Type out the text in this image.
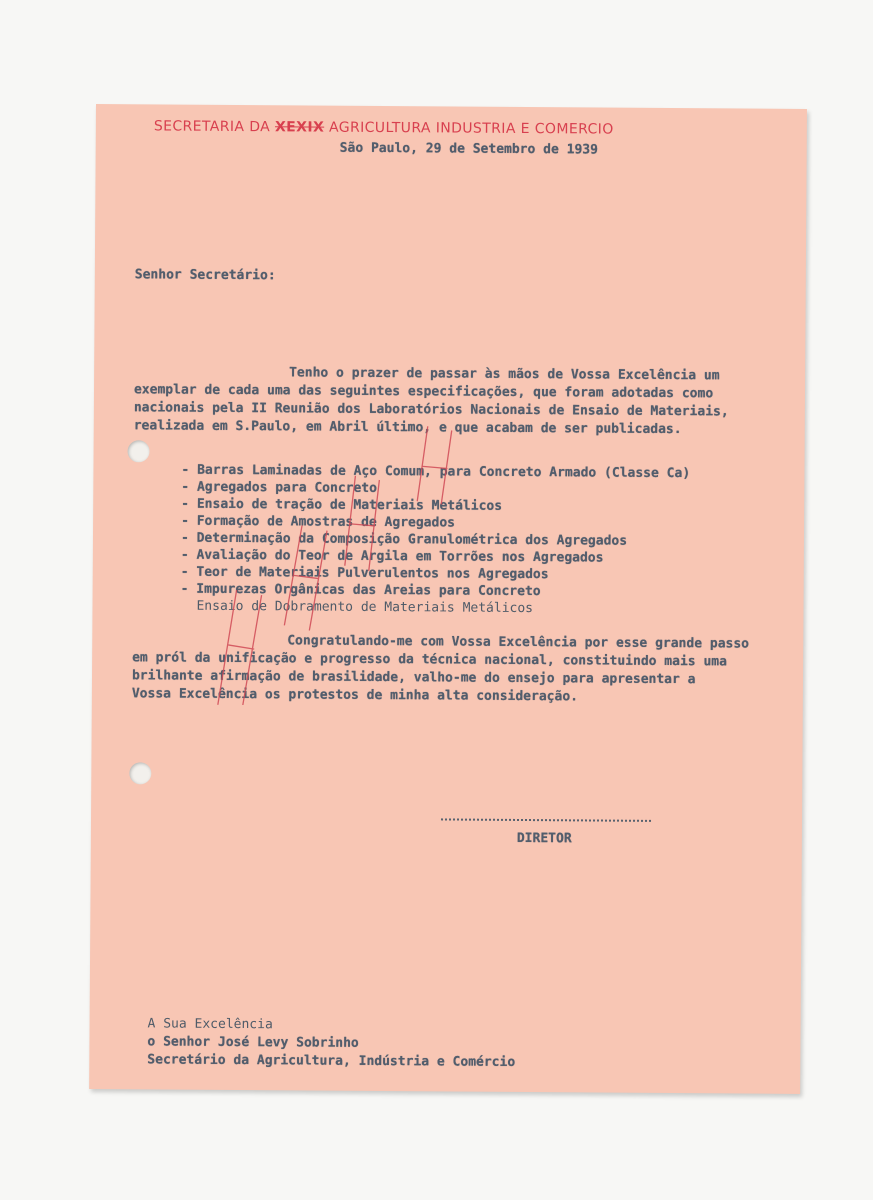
SECRETARIA DA XEXIX AGRICULTURA INDUSTRIA E COMERCIO
São Paulo, 29 de Setembro de 1939
Senhor Secretário:
Tenho o prazer de passar às mãos de Vossa Excelência um
exemplar de cada uma das seguintes especificações, que foram adotadas como
nacionais pela II Reunião dos Laboratórios Nacionais de Ensaio de Materiais,
realizada em S.Paulo, em Abril último, e que acabam de ser publicadas.
- Barras Laminadas de Aço Comum, para Concreto Armado (Classe Ca)
- Agregados para Concreto
- Ensaio de tração de Materiais Metálicos
- Formação de Amostras de Agregados
- Determinação da Composição Granulométrica dos Agregados
- Avaliação do Teor de Argila em Torrões nos Agregados
- Teor de Materiais Pulverulentos nos Agregados
- Impurezas Orgânicas das Areias para Concreto
Ensaio de Dobramento de Materiais Metálicos
Congratulando-me com Vossa Excelência por esse grande passo
em pról da unificação e progresso da técnica nacional, constituindo mais uma
brilhante afirmação de brasilidade, valho-me do ensejo para apresentar a
Vossa Excelência os protestos de minha alta consideração.
DIRETOR
A Sua Excelência
o Senhor José Levy Sobrinho
Secretário da Agricultura, Indústria e Comércio
